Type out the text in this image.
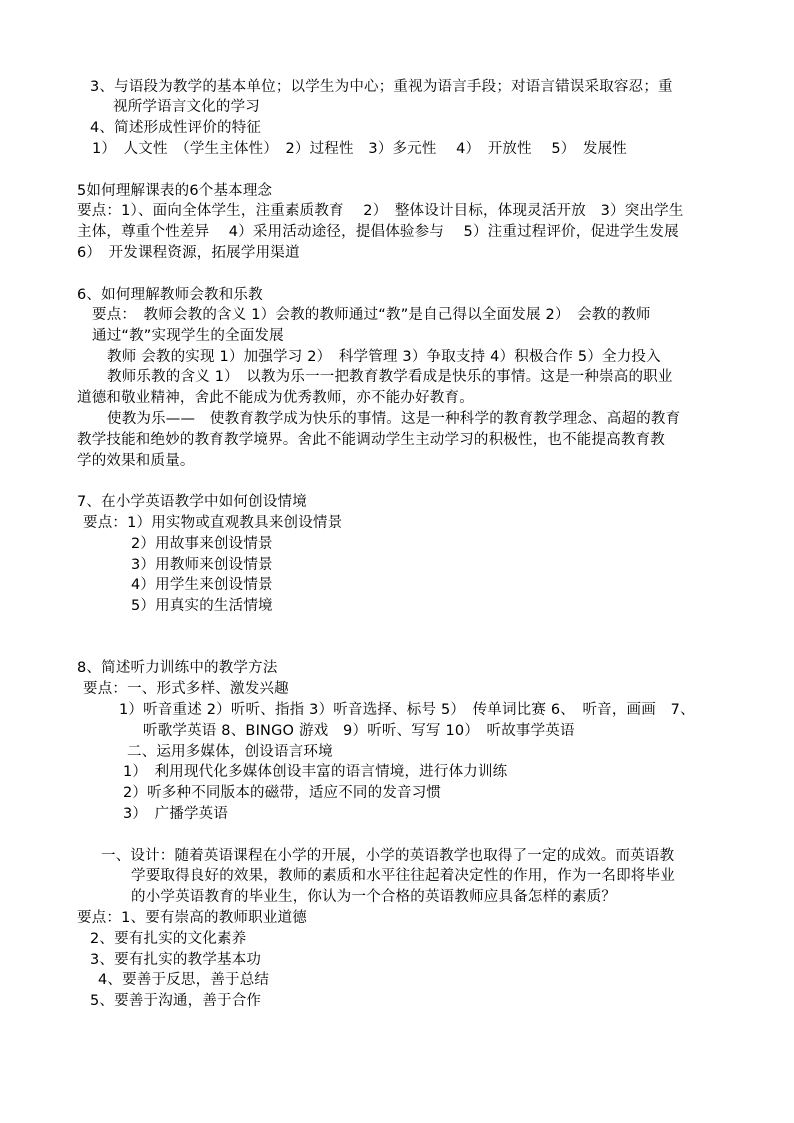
3、与语段为教学的基本单位；以学生为中心；重视为语言手段；对语言错误采取容忍；重
视所学语言文化的学习
4、简述形成性评价的特征
1）　人文性　（学生主体性）　2）过程性　3）多元性　 4）　开放性　 5）　发展性
5如何理解课表的6个基本理念
要点：1）、面向全体学生，注重素质教育　 2）　整体设计目标，体现灵活开放　3）突出学生
主体，尊重个性差异　 4）采用活动途径，提倡体验参与　 5）注重过程评价，促进学生发展
6）　开发课程资源，拓展学用渠道
6、如何理解教师会教和乐教
要点：　教师会教的含义 1）会教的教师通过“教”是自己得以全面发展 2）　会教的教师
通过“教”实现学生的全面发展
教师 会教的实现 1）加强学习 2）　科学管理 3）争取支持 4）积极合作 5）全力投入
教师乐教的含义 1）　以教为乐一一把教育教学看成是快乐的事情。这是一种崇高的职业
道德和敬业精神，舍此不能成为优秀教师，亦不能办好教育。
使教为乐——　使教育教学成为快乐的事情。这是一种科学的教育教学理念、高超的教育
教学技能和绝妙的教育教学境界。舍此不能调动学生主动学习的积极性，也不能提高教育教
学的效果和质量。
7、在小学英语教学中如何创设情境
要点：1）用实物或直观教具来创设情景
2）用故事来创设情景
3）用教师来创设情景
4）用学生来创设情景
5）用真实的生活情境
8、简述听力训练中的教学方法
要点：一、形式多样、激发兴趣
1）听音重述 2）听听、指指 3）听音选择、标号 5）　传单词比赛 6、　听音，画画　7、
听歌学英语 8、BINGO 游戏　9）听听、写写 10）　听故事学英语
二、运用多媒体，创设语言环境
1）　利用现代化多媒体创设丰富的语言情境，进行体力训练
2）听多种不同版本的磁带，适应不同的发音习惯
3）　广播学英语
一、设计：随着英语课程在小学的开展，小学的英语教学也取得了一定的成效。而英语教
学要取得良好的效果，教师的素质和水平往往起着决定性的作用，作为一名即将毕业
的小学英语教育的毕业生，你认为一个合格的英语教师应具备怎样的素质？
要点：1、要有崇高的教师职业道德
2、要有扎实的文化素养
3、要有扎实的教学基本功
4、要善于反思，善于总结
5、要善于沟通，善于合作
